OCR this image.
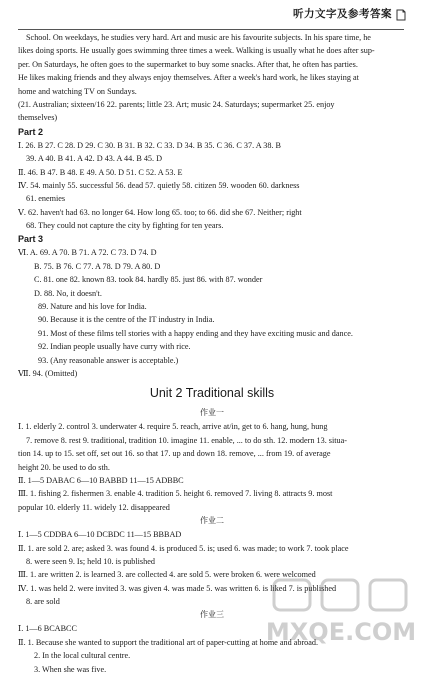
听力文字及参考答案
School. On weekdays, he studies very hard. Art and music are his favourite subjects. In his spare time, he
likes doing sports. He usually goes swimming three times a week. Walking is usually what he does after sup-
per. On Saturdays, he often goes to the supermarket to buy some snacks. After that, he often has parties.
He likes making friends and they always enjoy themselves. After a week's hard work, he likes staying at
home and watching TV on Sundays.
(21. Australian; sixteen/16 22. parents; little 23. Art; music 24. Saturdays; supermarket 25. enjoy
themselves)
Part 2
Ⅰ. 26. B 27. C 28. D 29. C 30. B 31. B 32. C 33. D 34. B 35. C 36. C 37. A 38. B
39. A 40. B 41. A 42. D 43. A 44. B 45. D
Ⅱ. 46. B 47. B 48. E 49. A 50. D 51. C 52. A 53. E
Ⅳ. 54. mainly 55. successful 56. dead 57. quietly 58. citizen 59. wooden 60. darkness
61. enemies
Ⅴ. 62. haven't had 63. no longer 64. How long 65. too; to 66. did she 67. Neither; right
68. They could not capture the city by fighting for ten years.
Part 3
Ⅵ. A. 69. A 70. B 71. A 72. C 73. D 74. D
B. 75. B 76. C 77. A 78. D 79. A 80. D
C. 81. one 82. known 83. took 84. hardly 85. just 86. with 87. wonder
D. 88. No, it doesn't.
89. Nature and his love for India.
90. Because it is the centre of the IT industry in India.
91. Most of these films tell stories with a happy ending and they have exciting music and dance.
92. Indian people usually have curry with rice.
93. (Any reasonable answer is acceptable.)
Ⅶ. 94. (Omitted)
Unit 2 Traditional skills
作业一
Ⅰ. 1. elderly 2. control 3. underwater 4. require 5. reach, arrive at/in, get to 6. hang, hung, hung
7. remove 8. rest 9. traditional, tradition 10. imagine 11. enable, ... to do sth. 12. modern 13. situa-
tion 14. up to 15. set off, set out 16. so that 17. up and down 18. remove, ... from 19. of average
height 20. be used to do sth.
Ⅱ. 1—5 DABAC 6—10 BABBD 11—15 ADBBC
Ⅲ. 1. fishing 2. fishermen 3. enable 4. tradition 5. height 6. removed 7. living 8. attracts 9. most
popular 10. elderly 11. widely 12. disappeared
作业二
Ⅰ. 1—5 CDDBA 6—10 DCBDC 11—15 BBBAD
Ⅱ. 1. are sold 2. are; asked 3. was found 4. is produced 5. is; used 6. was made; to work 7. took place
8. were seen 9. Is; held 10. is published
Ⅲ. 1. are written 2. is learned 3. are collected 4. are sold 5. were broken 6. were welcomed
Ⅳ. 1. was held 2. were invited 3. was given 4. was made 5. was written 6. is liked 7. is published
8. are sold
作业三
Ⅰ. 1—6 BCABCC
Ⅱ. 1. Because she wanted to support the traditional art of paper-cutting at home and abroad.
2. In the local cultural centre.
3. When she was five.
MXQE.COM
